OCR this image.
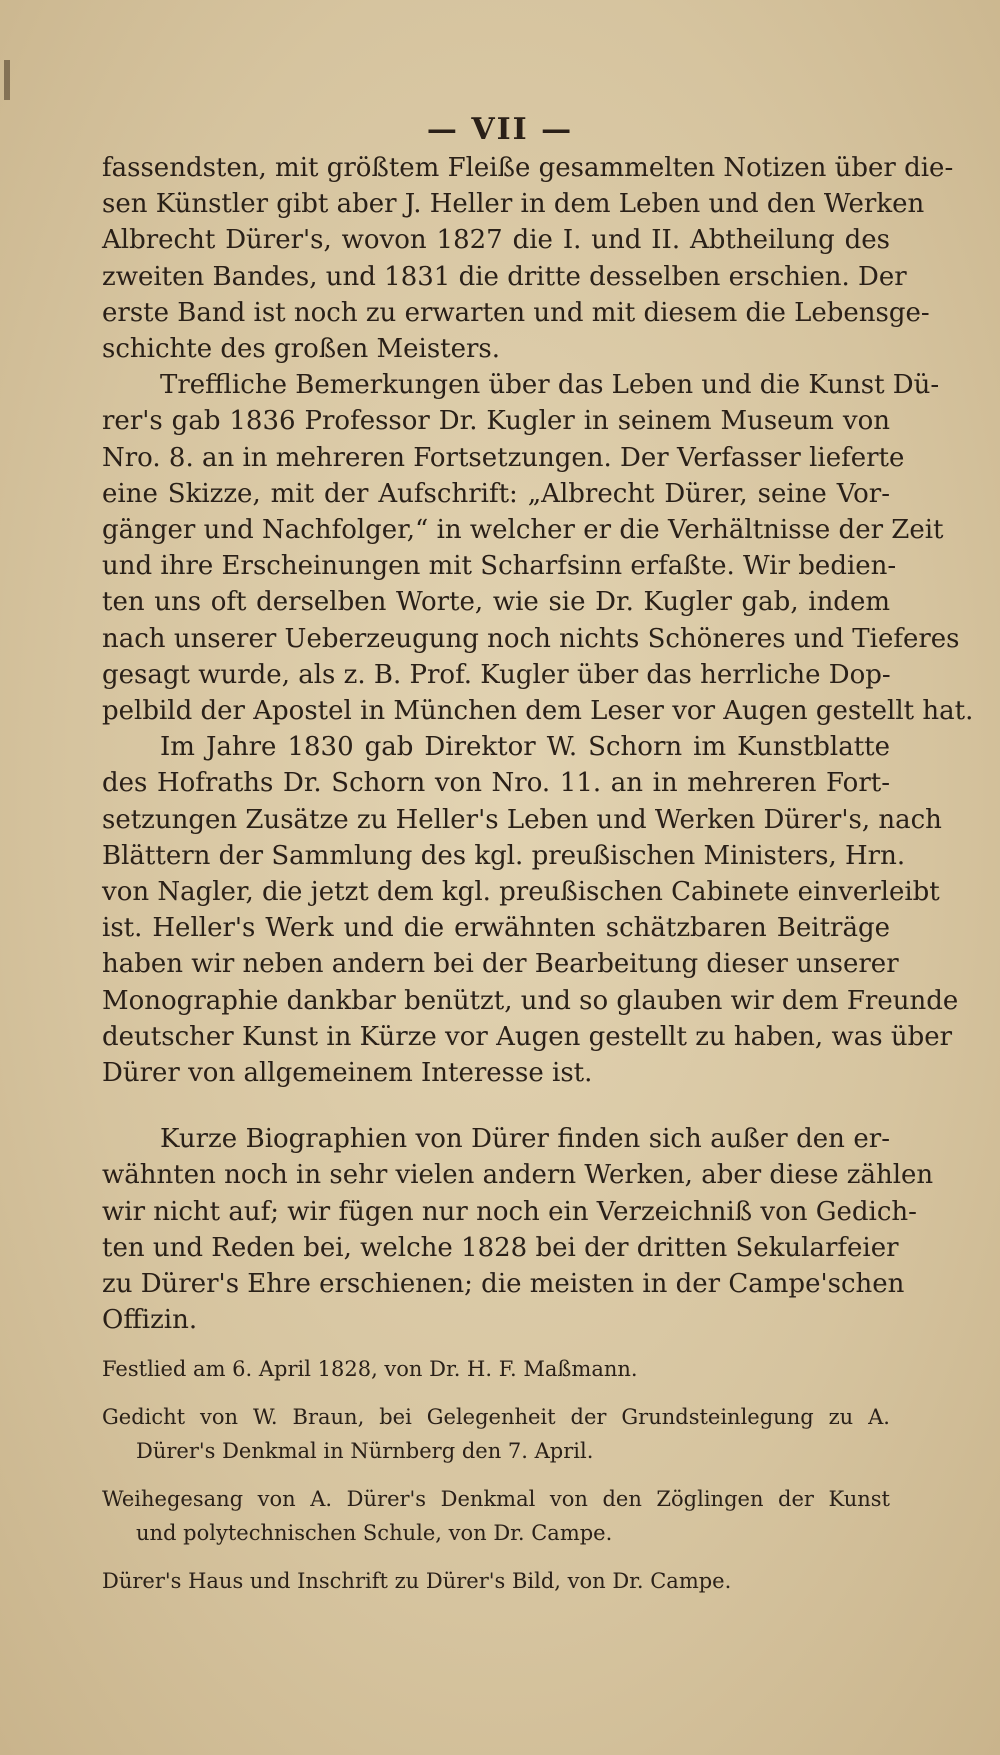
— VII —

fassendsten, mit größtem Fleiße gesammelten Notizen über die-
sen Künstler gibt aber J. Heller in dem Leben und den Werken
Albrecht Dürer's, wovon 1827 die I. und II. Abtheilung des
zweiten Bandes, und 1831 die dritte desselben erschien. Der
erste Band ist noch zu erwarten und mit diesem die Lebensge-
schichte des großen Meisters.

Treffliche Bemerkungen über das Leben und die Kunst Dü-
rer's gab 1836 Professor Dr. Kugler in seinem Museum von
Nro. 8. an in mehreren Fortsetzungen. Der Verfasser lieferte
eine Skizze, mit der Aufschrift: „Albrecht Dürer, seine Vor-
gänger und Nachfolger,“ in welcher er die Verhältnisse der Zeit
und ihre Erscheinungen mit Scharfsinn erfaßte. Wir bedien-
ten uns oft derselben Worte, wie sie Dr. Kugler gab, indem
nach unserer Ueberzeugung noch nichts Schöneres und Tieferes
gesagt wurde, als z. B. Prof. Kugler über das herrliche Dop-
pelbild der Apostel in München dem Leser vor Augen gestellt hat.

Im Jahre 1830 gab Direktor W. Schorn im Kunstblatte
des Hofraths Dr. Schorn von Nro. 11. an in mehreren Fort-
setzungen Zusätze zu Heller's Leben und Werken Dürer's, nach
Blättern der Sammlung des kgl. preußischen Ministers, Hrn.
von Nagler, die jetzt dem kgl. preußischen Cabinete einverleibt
ist. Heller's Werk und die erwähnten schätzbaren Beiträge
haben wir neben andern bei der Bearbeitung dieser unserer
Monographie dankbar benützt, und so glauben wir dem Freunde
deutscher Kunst in Kürze vor Augen gestellt zu haben, was über
Dürer von allgemeinem Interesse ist.

Kurze Biographien von Dürer finden sich außer den er-
wähnten noch in sehr vielen andern Werken, aber diese zählen
wir nicht auf; wir fügen nur noch ein Verzeichniß von Gedich-
ten und Reden bei, welche 1828 bei der dritten Sekularfeier
zu Dürer's Ehre erschienen; die meisten in der Campe'schen
Offizin.

Festlied am 6. April 1828, von Dr. H. F. Maßmann.
Gedicht von W. Braun, bei Gelegenheit der Grundsteinlegung zu A.
Dürer's Denkmal in Nürnberg den 7. April.
Weihegesang von A. Dürer's Denkmal von den Zöglingen der Kunst
und polytechnischen Schule, von Dr. Campe.
Dürer's Haus und Inschrift zu Dürer's Bild, von Dr. Campe.
